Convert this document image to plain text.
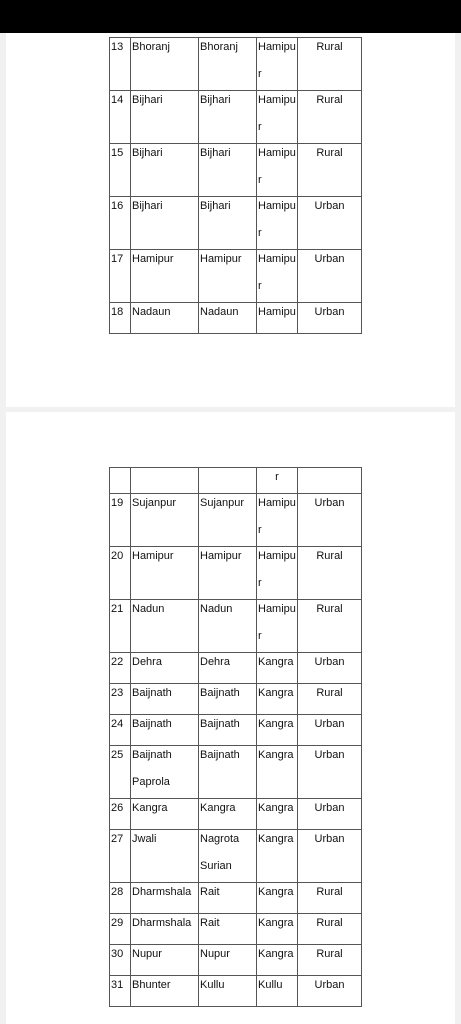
13	Bhoranj	Bhoranj	Hamipu
r	Rural

14	Bijhari	Bijhari	Hamipu
r	Rural

15	Bijhari	Bijhari	Hamipu
r	Rural

16	Bijhari	Bijhari	Hamipu
r	Urban

17	Hamipur	Hamipur	Hamipu
r	Urban

18	Nadaun	Nadaun	Hamipu	Urban

			r	

19	Sujanpur	Sujanpur	Hamipu
r	Urban

20	Hamipur	Hamipur	Hamipu
r	Rural

21	Nadun	Nadun	Hamipu
r	Rural

22	Dehra	Dehra	Kangra	Urban

23	Baijnath	Baijnath	Kangra	Rural

24	Baijnath	Baijnath	Kangra	Urban

25	Baijnath
Paprola	Baijnath	Kangra	Urban

26	Kangra	Kangra	Kangra	Urban

27	Jwali	Nagrota
Surian	Kangra	Urban

28	Dharmshala	Rait	Kangra	Rural

29	Dharmshala	Rait	Kangra	Rural

30	Nupur	Nupur	Kangra	Rural

31	Bhunter	Kullu	Kullu	Urban
